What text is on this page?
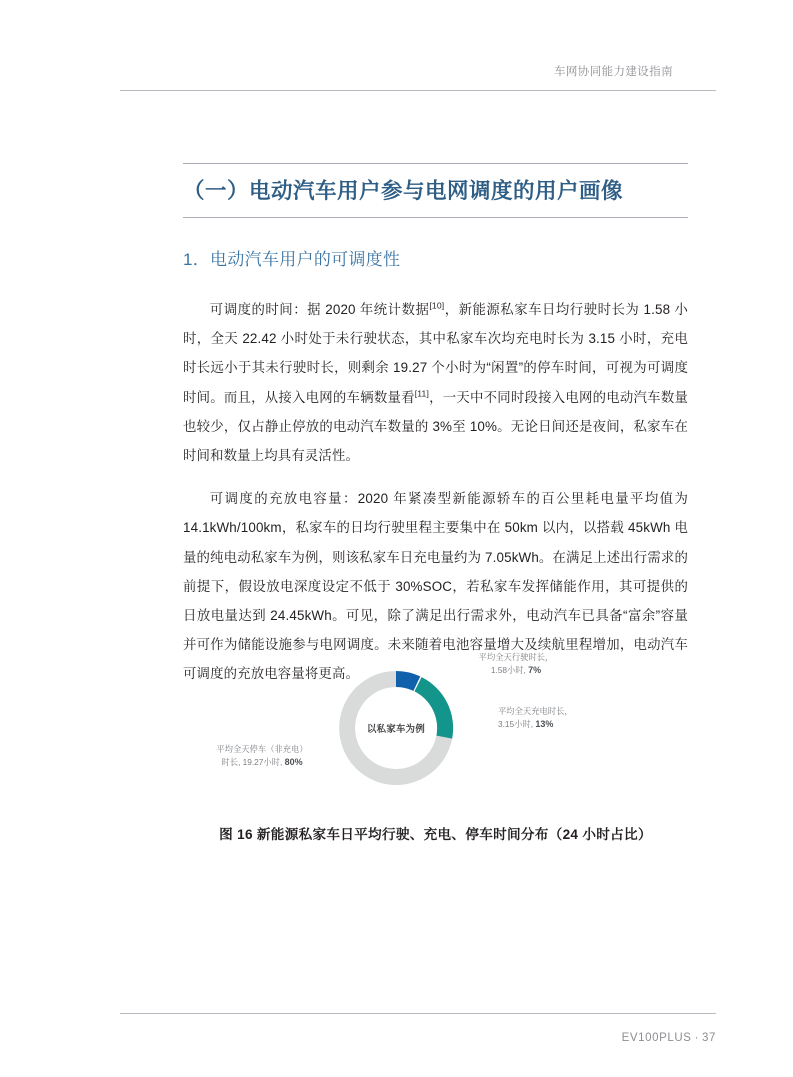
车网协同能力建设指南
（一）电动汽车用户参与电网调度的用户画像
1．电动汽车用户的可调度性

可调度的时间：据 2020 年统计数据[10]，新能源私家车日均行驶时长为 1.58 小时，全天 22.42 小时处于未行驶状态，其中私家车次均充电时长为 3.15 小时，充电时长远小于其未行驶时长，则剩余 19.27 个小时为“闲置”的停车时间，可视为可调度时间。而且，从接入电网的车辆数量看[11]，一天中不同时段接入电网的电动汽车数量也较少，仅占静止停放的电动汽车数量的 3%至 10%。无论日间还是夜间，私家车在时间和数量上均具有灵活性。

可调度的充放电容量：2020 年紧凑型新能源轿车的百公里耗电量平均值为 14.1kWh/100km，私家车的日均行驶里程主要集中在 50km 以内，以搭载 45kWh 电量的纯电动私家车为例，则该私家车日充电量约为 7.05kWh。在满足上述出行需求的前提下，假设放电深度设定不低于 30%SOC，若私家车发挥储能作用，其可提供的日放电量达到 24.45kWh。可见，除了满足出行需求外，电动汽车已具备“富余”容量并可作为储能设施参与电网调度。未来随着电池容量增大及续航里程增加，电动汽车可调度的充放电容量将更高。

以私家车为例
平均全天行驶时长，
1.58小时, 7%
平均全天充电时长，
3.15小时, 13%
平均全天停车（非充电）
时长, 19.27小时, 80%
图 16 新能源私家车日平均行驶、充电、停车时间分布（24 小时占比）
EV100PLUS · 37
